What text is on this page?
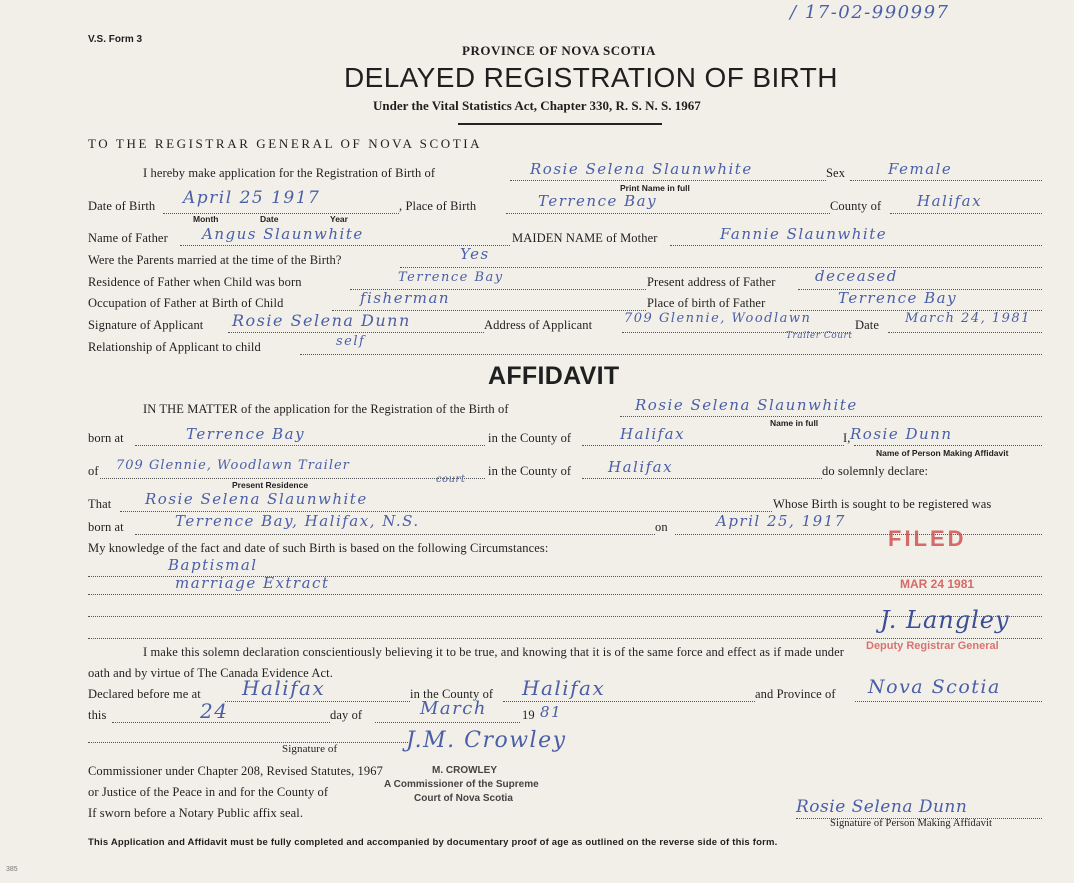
/ 17-02-990997
V.S. Form 3
PROVINCE OF NOVA SCOTIA
DELAYED REGISTRATION OF BIRTH
Under the Vital Statistics Act, Chapter 330, R. S. N. S. 1967
TO THE REGISTRAR GENERAL OF NOVA SCOTIA
I hereby make application for the Registration of Birth of	Rosie Selena Slaunwhite	Sex	Female
Print Name in full
Date of Birth April 25 1917
Month	Date	Year
, Place of Birth	Terrence Bay	County of Halifax
Name of Father Angus Slaunwhite	MAIDEN NAME of Mother	Fannie Slaunwhite
Were the Parents married at the time of the Birth?	Yes
Residence of Father when Child was born	Terrence Bay	Present address of Father	deceased
Occupation of Father at Birth of Child	fisherman	Place of birth of Father	Terrence Bay
Signature of Applicant Rosie Selena Dunn	Address of Applicant 709 Glennie, Woodlawn
Trailer Court
Date March 24, 1981
Relationship of Applicant to child	self
AFFIDAVIT
IN THE MATTER of the application for the Registration of the Birth of	Rosie Selena Slaunwhite
Name in full
born at	Terrence Bay	in the County of	Halifax	I, Rosie Dunn
Name of Person Making Affidavit
of 709 Glennie, Woodlawn Trailer
court
Present Residence
in the County of Halifax	do solemnly declare:
That Rosie Selena Slaunwhite	Whose Birth is sought to be registered was
born at	Terrence Bay, Halifax, N.S.	on	April 25, 1917
My knowledge of the fact and date of such Birth is based on the following Circumstances:
Baptismal
marriage Extract
FILED
MAR 24 1981
J. Langley
Deputy Registrar General
I make this solemn declaration conscientiously believing it to be true, and knowing that it is of the same force and effect as if made under
oath and by virtue of The Canada Evidence Act.
Declared before me at Halifax	in the County of Halifax	and Province of Nova Scotia
this	24	day of	March	19 81
J.M. Crowley
Signature of
Commissioner under Chapter 208, Revised Statutes, 1967
or Justice of the Peace in and for the County of
If sworn before a Notary Public affix seal.
M. CROWLEY
A Commissioner of the Supreme
Court of Nova Scotia	Rosie Selena Dunn
Signature of Person Making Affidavit
This Application and Affidavit must be fully completed and accompanied by documentary proof of age as outlined on the reverse side of this form.
385
